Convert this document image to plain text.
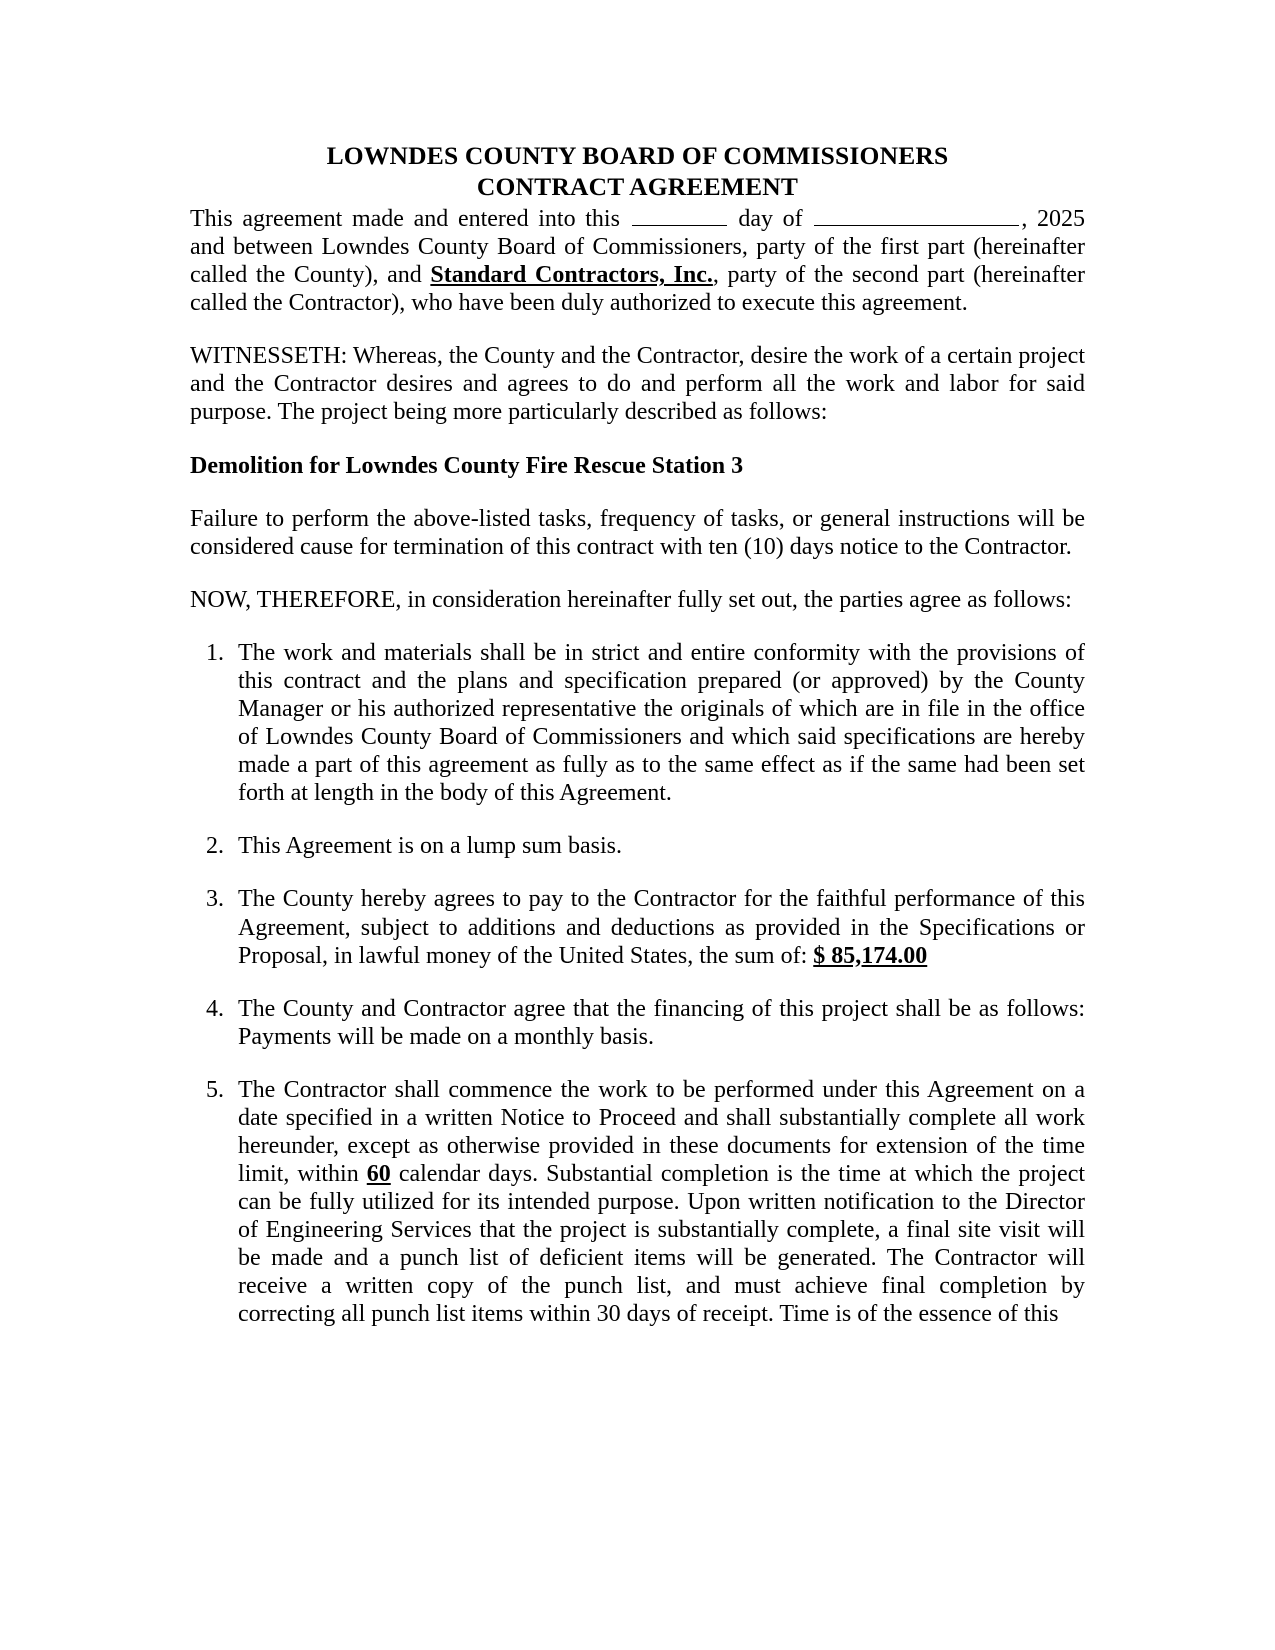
LOWNDES COUNTY BOARD OF COMMISSIONERS
CONTRACT AGREEMENT

This agreement made and entered into this	day of	, 2025 and between Lowndes County Board of Commissioners, party of the first part (hereinafter called the County), and Standard Contractors, Inc., party of the second part (hereinafter called the Contractor), who have been duly authorized to execute this agreement.

WITNESSETH: Whereas, the County and the Contractor, desire the work of a certain project and the Contractor desires and agrees to do and perform all the work and labor for said purpose. The project being more particularly described as follows:

Demolition for Lowndes County Fire Rescue Station 3

Failure to perform the above-listed tasks, frequency of tasks, or general instructions will be considered cause for termination of this contract with ten (10) days notice to the Contractor.

NOW, THEREFORE, in consideration hereinafter fully set out, the parties agree as follows:

1. The work and materials shall be in strict and entire conformity with the provisions of this contract and the plans and specification prepared (or approved) by the County Manager or his authorized representative the originals of which are in file in the office of Lowndes County Board of Commissioners and which said specifications are hereby made a part of this agreement as fully as to the same effect as if the same had been set forth at length in the body of this Agreement.
2. This Agreement is on a lump sum basis.
3. The County hereby agrees to pay to the Contractor for the faithful performance of this Agreement, subject to additions and deductions as provided in the Specifications or Proposal, in lawful money of the United States, the sum of: $ 85,174.00
4. The County and Contractor agree that the financing of this project shall be as follows: Payments will be made on a monthly basis.
5. The Contractor shall commence the work to be performed under this Agreement on a date specified in a written Notice to Proceed and shall substantially complete all work hereunder, except as otherwise provided in these documents for extension of the time limit, within 60 calendar days. Substantial completion is the time at which the project can be fully utilized for its intended purpose. Upon written notification to the Director of Engineering Services that the project is substantially complete, a final site visit will be made and a punch list of deficient items will be generated. The Contractor will receive a written copy of the punch list, and must achieve final completion by correcting all punch list items within 30 days of receipt. Time is of the essence of this
